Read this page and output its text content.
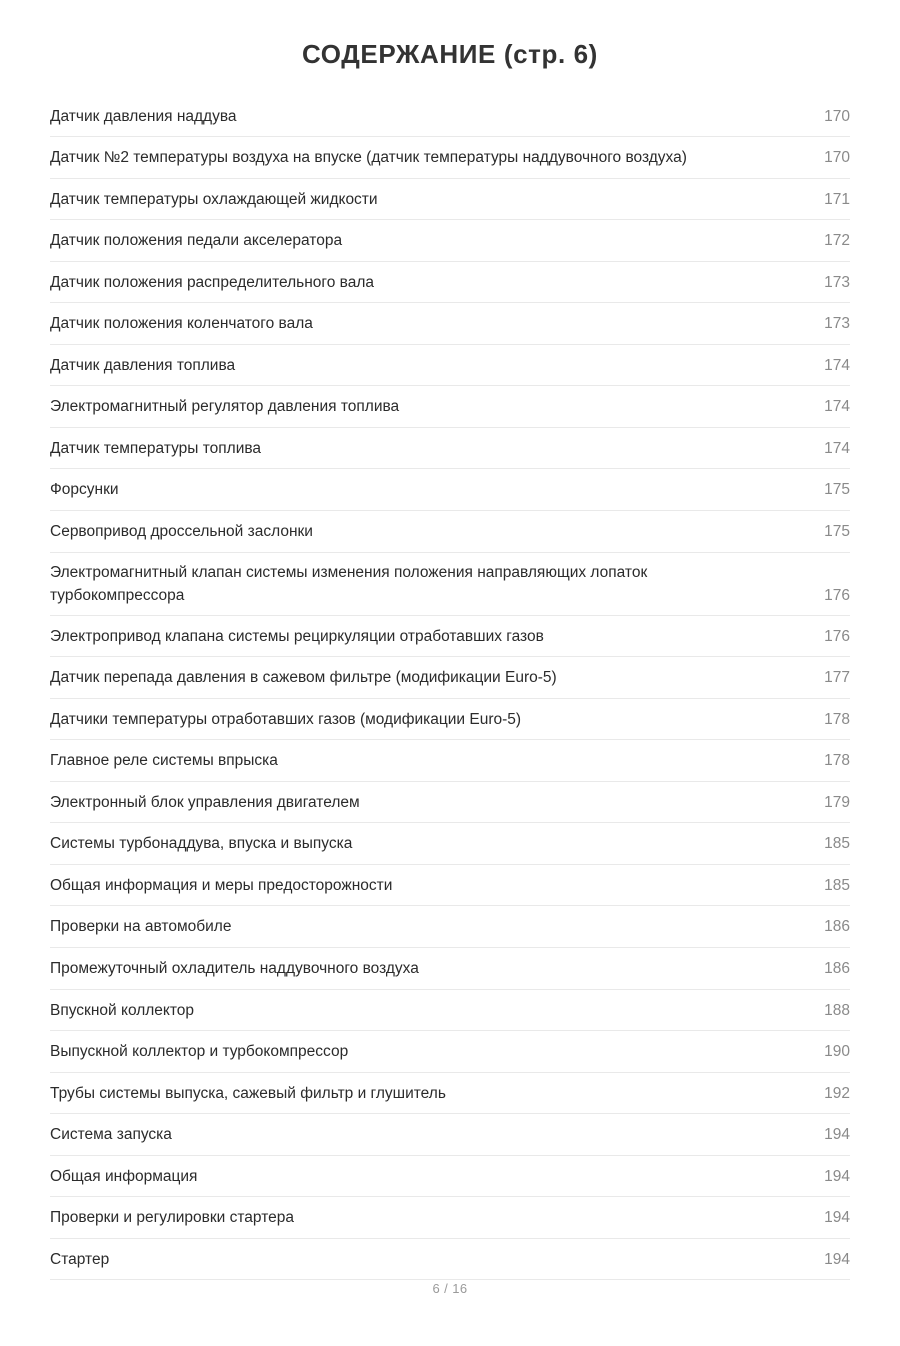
СОДЕРЖАНИЕ (стр. 6)
Датчик давления наддува	170
Датчик №2 температуры воздуха на впуске (датчик температуры наддувочного воздуха)	170
Датчик температуры охлаждающей жидкости	171
Датчик положения педали акселератора	172
Датчик положения распределительного вала	173
Датчик положения коленчатого вала	173
Датчик давления топлива	174
Электромагнитный регулятор давления топлива	174
Датчик температуры топлива	174
Форсунки	175
Сервопривод дроссельной заслонки	175
Электромагнитный клапан системы изменения положения направляющих лопаток турбокомпрессора	176
Электропривод клапана системы рециркуляции отработавших газов	176
Датчик перепада давления в сажевом фильтре (модификации Euro-5)	177
Датчики температуры отработавших газов (модификации Euro-5)	178
Главное реле системы впрыска	178
Электронный блок управления двигателем	179
Системы турбонаддува, впуска и выпуска	185
Общая информация и меры предосторожности	185
Проверки на автомобиле	186
Промежуточный охладитель наддувочного воздуха	186
Впускной коллектор	188
Выпускной коллектор и турбокомпрессор	190
Трубы системы выпуска, сажевый фильтр и глушитель	192
Система запуска	194
Общая информация	194
Проверки и регулировки стартера	194
Стартер	194
6 / 16
